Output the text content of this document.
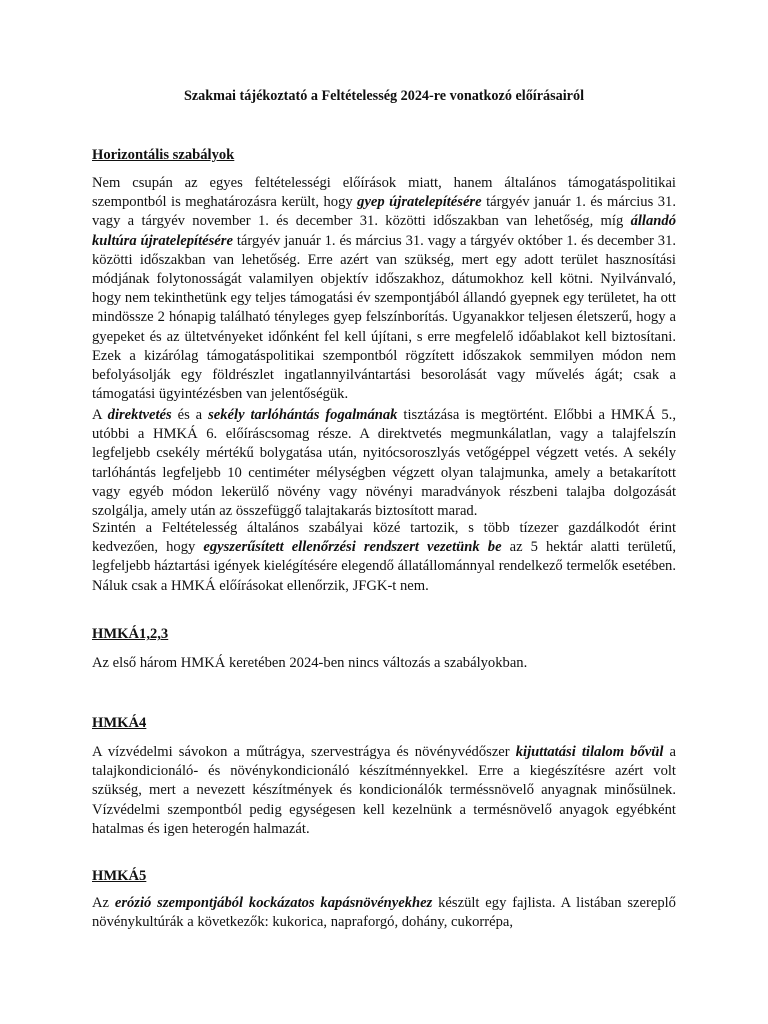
Szakmai tájékoztató a Feltételesség 2024-re vonatkozó előírásairól
Horizontális szabályok
Nem csupán az egyes feltételességi előírások miatt, hanem általános támogatáspolitikai szempontból is meghatározásra került, hogy gyep újratelepítésére tárgyév január 1. és március 31. vagy a tárgyév november 1. és december 31. közötti időszakban van lehetőség, míg állandó kultúra újratelepítésére tárgyév január 1. és március 31. vagy a tárgyév október 1. és december 31. közötti időszakban van lehetőség. Erre azért van szükség, mert egy adott terület hasznosítási módjának folytonosságát valamilyen objektív időszakhoz, dátumokhoz kell kötni. Nyilvánvaló, hogy nem tekinthetünk egy teljes támogatási év szempontjából állandó gyepnek egy területet, ha ott mindössze 2 hónapig található tényleges gyep felszínborítás. Ugyanakkor teljesen életszerű, hogy a gyepeket és az ültetvényeket időnként fel kell újítani, s erre megfelelő időablakot kell biztosítani. Ezek a kizárólag támogatáspolitikai szempontból rögzített időszakok semmilyen módon nem befolyásolják egy földrészlet ingatlannyilvántartási besorolását vagy művelés ágát; csak a támogatási ügyintézésben van jelentőségük.
A direktvetés és a sekély tarlóhántás fogalmának tisztázása is megtörtént. Előbbi a HMKÁ 5., utóbbi a HMKÁ 6. előíráscsomag része. A direktvetés megmunkálatlan, vagy a talajfelszín legfeljebb csekély mértékű bolygatása után, nyitócsoroszlyás vetőgéppel végzett vetés. A sekély tarlóhántás legfeljebb 10 centiméter mélységben végzett olyan talajmunka, amely a betakarított vagy egyéb módon lekerülő növény vagy növényi maradványok részbeni talajba dolgozását szolgálja, amely után az összefüggő talajtakarás biztosított marad.
Szintén a Feltételesség általános szabályai közé tartozik, s több tízezer gazdálkodót érint kedvezően, hogy egyszerűsített ellenőrzési rendszert vezetünk be az 5 hektár alatti területű, legfeljebb háztartási igények kielégítésére elegendő állatállománnyal rendelkező termelők esetében. Náluk csak a HMKÁ előírásokat ellenőrzik, JFGK-t nem.
HMKÁ1,2,3
Az első három HMKÁ keretében 2024-ben nincs változás a szabályokban.
HMKÁ4
A vízvédelmi sávokon a műtrágya, szervestrágya és növényvédőszer kijuttatási tilalom bővül a talajkondicionáló- és növénykondicionáló készítménnyekkel. Erre a kiegészítésre azért volt szükség, mert a nevezett készítmények és kondicionálók terméssnövelő anyagnak minősülnek. Vízvédelmi szempontból pedig egységesen kell kezelnünk a termésnövelő anyagok egyébként hatalmas és igen heterogén halmazát.
HMKÁ5
Az erózió szempontjából kockázatos kapásnövényekhez készült egy fajlista. A listában szereplő növénykultúrák a következők: kukorica, napraforgó, dohány, cukorrépa,
